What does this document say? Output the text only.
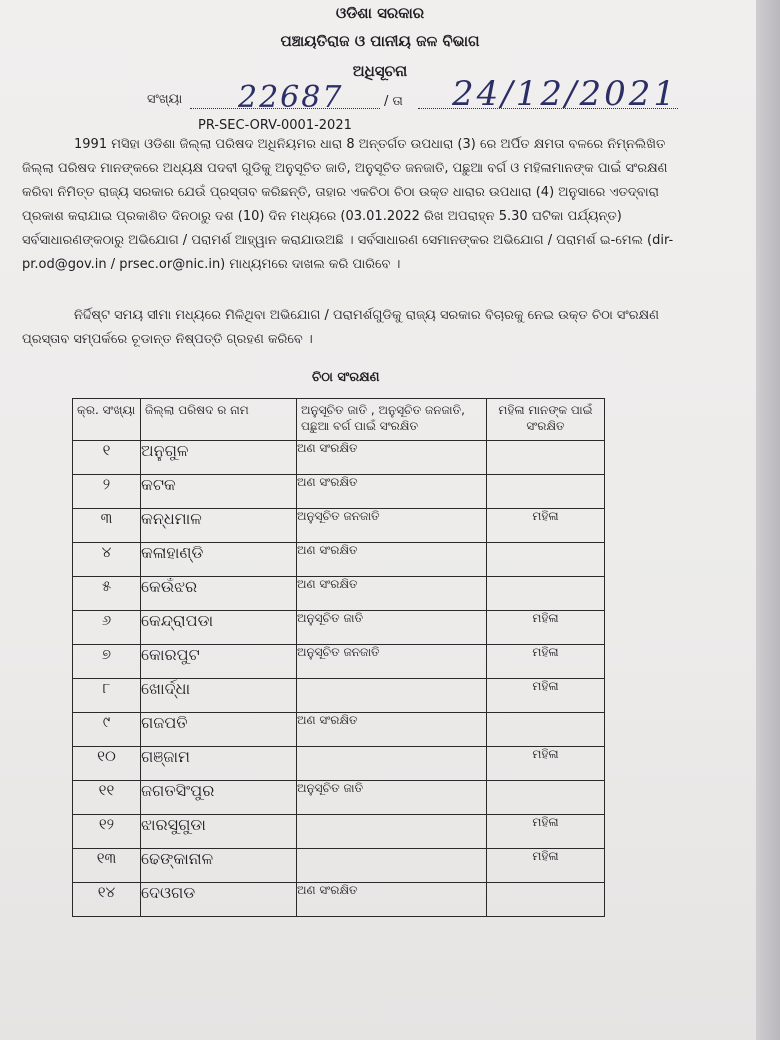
ଓଡିଶା ସରକାର
ପଞ୍ଚାୟତିରାଜ ଓ ପାନୀୟ ଜଳ ବିଭାଗ
ଅଧିସୂଚନା
ସଂଖ୍ୟା 22687	/ ତା 24/12/2021
PR-SEC-ORV-0001-2021
1991 ମସିହା ଓଡିଶା ଜିଲ୍ଲା ପରିଷଦ ଅଧିନିୟମର ଧାରା 8 ଅନ୍ତର୍ଗତ ଉପଧାରା (3) ରେ ଅର୍ପିତ କ୍ଷମତା ବଳରେ ନିମ୍ନଲିଖିତ ଜିଲ୍ଲା ପରିଷଦ ମାନଙ୍କରେ ଅଧ୍ୟକ୍ଷ ପଦବୀ ଗୁଡିକୁ ଅନୁସୂଚିତ ଜାତି, ଅନୁସୂଚିତ ଜନଜାତି, ପଛୁଆ ବର୍ଗ ଓ ମହିଳାମାନଙ୍କ ପାଇଁ ସଂରକ୍ଷଣ କରିବା ନିମିତ୍ତ ରାଜ୍ୟ ସରକାର ଯେଉଁ ପ୍ରସ୍ତାବ କରିଛନ୍ତି, ତାହାର ଏକଚିଠା ଚିଠା ଉକ୍ତ ଧାରାର ଉପଧାରା (4) ଅନୁସାରେ ଏତଦ୍ବାରା ପ୍ରକାଶ କରାଯାଇ ପ୍ରକାଶିତ ଦିନଠାରୁ ଦଶ (10) ଦିନ ମଧ୍ୟରେ (03.01.2022 ରିଖ ଅପରାହ୍ନ 5.30 ଘଟିକା ପର୍ଯ୍ୟନ୍ତ) ସର୍ବସାଧାରଣଙ୍କଠାରୁ ଅଭିଯୋଗ / ପରାମର୍ଶ ଆହ୍ୱାନ କରାଯାଉଅଛି । ସର୍ବସାଧାରଣ ସେମାନଙ୍କର ଅଭିଯୋଗ / ପରାମର୍ଶ ଇ-ମେଲ (dir-pr.od@gov.in / prsec.or@nic.in) ମାଧ୍ୟମରେ ଦାଖଲ କରି ପାରିବେ ।
ନିର୍ଦ୍ଦିଷ୍ଟ ସମୟ ସୀମା ମଧ୍ୟରେ ମିଳିଥିବା ଅଭିଯୋଗ / ପରାମର୍ଶଗୁଡିକୁ ରାଜ୍ୟ ସରକାର ବିଚାରକୁ ନେଇ ଉକ୍ତ ଚିଠା ସଂରକ୍ଷଣ ପ୍ରସ୍ତାବ ସମ୍ପର୍କରେ ଚୂଡାନ୍ତ ନିଷ୍ପତ୍ତି ଗ୍ରହଣ କରିବେ ।
ଚିଠା ସଂରକ୍ଷଣ
କ୍ର. ସଂଖ୍ୟା	ଜିଲ୍ଲା ପରିଷଦ ର ନାମ	ଅନୁସୂଚିତ ଜାତି , ଅନୁସୂଚିତ ଜନଜାତି, ପଛୁଆ ବର୍ଗ ପାଇଁ ସଂରକ୍ଷିତ	ମହିଳା ମାନଙ୍କ ପାଇଁ ସଂରକ୍ଷିତ
୧	ଅନୁଗୁଳ	ଅଣ ସଂରକ୍ଷିତ	
୨	କଟକ	ଅଣ ସଂରକ୍ଷିତ	
୩	କନ୍ଧମାଳ	ଅନୁସୂଚିତ ଜନଜାତି	ମହିଳା
୪	କଳାହାଣ୍ଡି	ଅଣ ସଂରକ୍ଷିତ	
୫	କେଉଁଝର	ଅଣ ସଂରକ୍ଷିତ	
୬	କେନ୍ଦ୍ରାପଡା	ଅନୁସୂଚିତ ଜାତି	ମହିଳା
୭	କୋରପୁଟ	ଅନୁସୂଚିତ ଜନଜାତି	ମହିଳା
୮	ଖୋର୍ଦ୍ଧା		ମହିଳା
୯	ଗଜପତି	ଅଣ ସଂରକ୍ଷିତ	
୧୦	ଗଞ୍ଜାମ		ମହିଳା
୧୧	ଜଗତସିଂପୁର	ଅନୁସୂଚିତ ଜାତି	
୧୨	ଝାରସୁଗୁଡା		ମହିଳା
୧୩	ଢେଙ୍କାନାଳ		ମହିଳା
୧୪	ଦେଓଗଡ	ଅଣ ସଂରକ୍ଷିତ	
